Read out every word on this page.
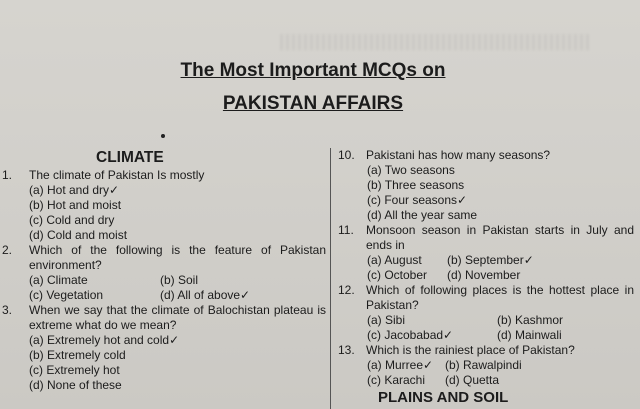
The Most Important MCQs on
PAKISTAN AFFAIRS
CLIMATE
1. The climate of Pakistan Is mostly
(a) Hot and dry✓
(b) Hot and moist
(c) Cold and dry
(d) Cold and moist
2. Which of the following is the feature of Pakistan environment?
(a) Climate	(b) Soil
(c) Vegetation	(d) All of above✓
3. When we say that the climate of Balochistan plateau is extreme what do we mean?
(a) Extremely hot and cold✓
(b) Extremely cold
(c) Extremely hot
(d) None of these
10. Pakistani has how many seasons?
(a) Two seasons
(b) Three seasons
(c) Four seasons✓
(d) All the year same
11. Monsoon season in Pakistan starts in July and ends in
(a) August	(b) September✓
(c) October	(d) November
12. Which of following places is the hottest place in Pakistan?
(a) Sibi	(b) Kashmor
(c) Jacobabad✓	(d) Mainwali
13. Which is the rainiest place of Pakistan?
(a) Murree✓ (b) Rawalpindi
(c) Karachi	(d) Quetta
PLAINS AND SOIL
